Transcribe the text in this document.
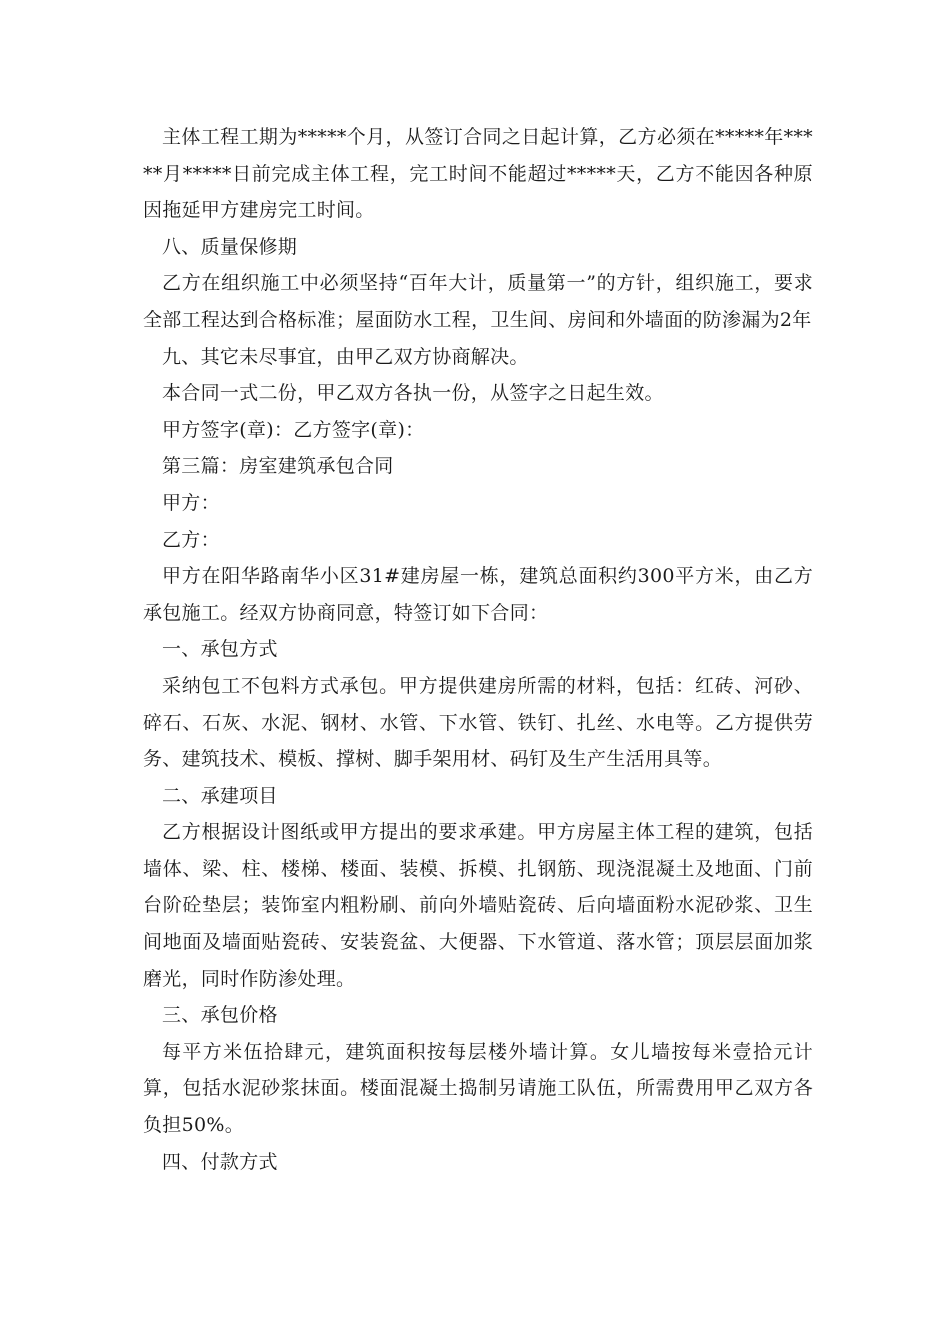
主体工程工期为*****个月，从签订合同之日起计算，乙方必须在*****年*****月*****日前完成主体工程，完工时间不能超过*****天，乙方不能因各种原因拖延甲方建房完工时间。

八、质量保修期

乙方在组织施工中必须坚持“百年大计，质量第一”的方针，组织施工，要求全部工程达到合格标准；屋面防水工程，卫生间、房间和外墙面的防渗漏为2年

九、其它未尽事宜，由甲乙双方协商解决。

本合同一式二份，甲乙双方各执一份，从签字之日起生效。

甲方签字(章)：乙方签字(章)：

第三篇：房室建筑承包合同

甲方：

乙方：

甲方在阳华路南华小区31#建房屋一栋，建筑总面积约300平方米，由乙方承包施工。经双方协商同意，特签订如下合同：

一、承包方式

采纳包工不包料方式承包。甲方提供建房所需的材料，包括：红砖、河砂、碎石、石灰、水泥、钢材、水管、下水管、铁钉、扎丝、水电等。乙方提供劳务、建筑技术、模板、撑树、脚手架用材、码钉及生产生活用具等。

二、承建项目

乙方根据设计图纸或甲方提出的要求承建。甲方房屋主体工程的建筑，包括墙体、梁、柱、楼梯、楼面、装模、拆模、扎钢筋、现浇混凝土及地面、门前台阶砼垫层；装饰室内粗粉刷、前向外墙贴瓷砖、后向墙面粉水泥砂浆、卫生间地面及墙面贴瓷砖、安装瓷盆、大便器、下水管道、落水管；顶层层面加浆磨光，同时作防渗处理。

三、承包价格

每平方米伍拾肆元，建筑面积按每层楼外墙计算。女儿墙按每米壹拾元计算，包括水泥砂浆抹面。楼面混凝土捣制另请施工队伍，所需费用甲乙双方各负担50%。

四、付款方式
